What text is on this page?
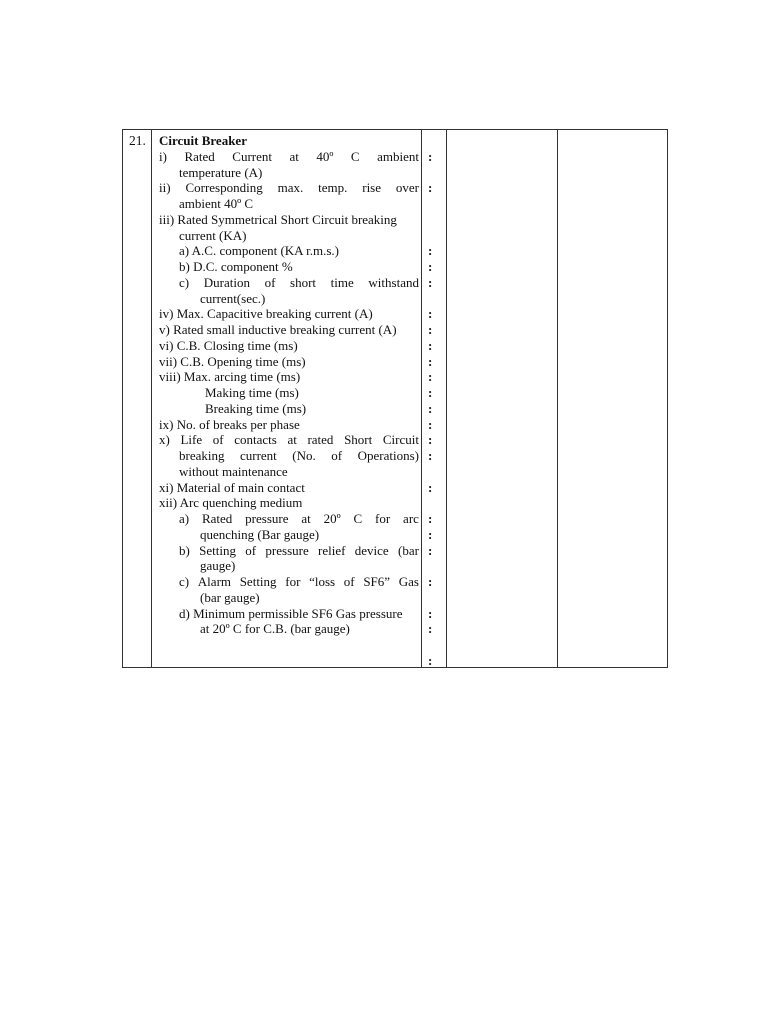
21. Circuit Breaker
i) Rated Current at 40º C ambient
temperature (A)
ii) Corresponding max. temp. rise over
ambient 40º C
iii) Rated Symmetrical Short Circuit breaking
current (KA)
a) A.C. component (KA r.m.s.)
b) D.C. component %
c) Duration of short time withstand
current(sec.)
iv) Max. Capacitive breaking current (A)
v) Rated small inductive breaking current (A)
vi) C.B. Closing time (ms)
vii) C.B. Opening time (ms)
viii) Max. arcing time (ms)
Making time (ms)
Breaking time (ms)
ix) No. of breaks per phase
x) Life of contacts at rated Short Circuit
breaking current (No. of Operations)
without maintenance
xi) Material of main contact
xii) Arc quenching medium
a) Rated pressure at 20º C for arc
quenching (Bar gauge)
b) Setting of pressure relief device (bar
gauge)
c) Alarm Setting for “loss of SF6” Gas
(bar gauge)
d) Minimum permissible SF6 Gas pressure
at 20º C for C.B. (bar gauge)
:
:
:
:
:
:
:
:
:
:
:
:
:
:
:
:
:
:
:
:
:
:
:
